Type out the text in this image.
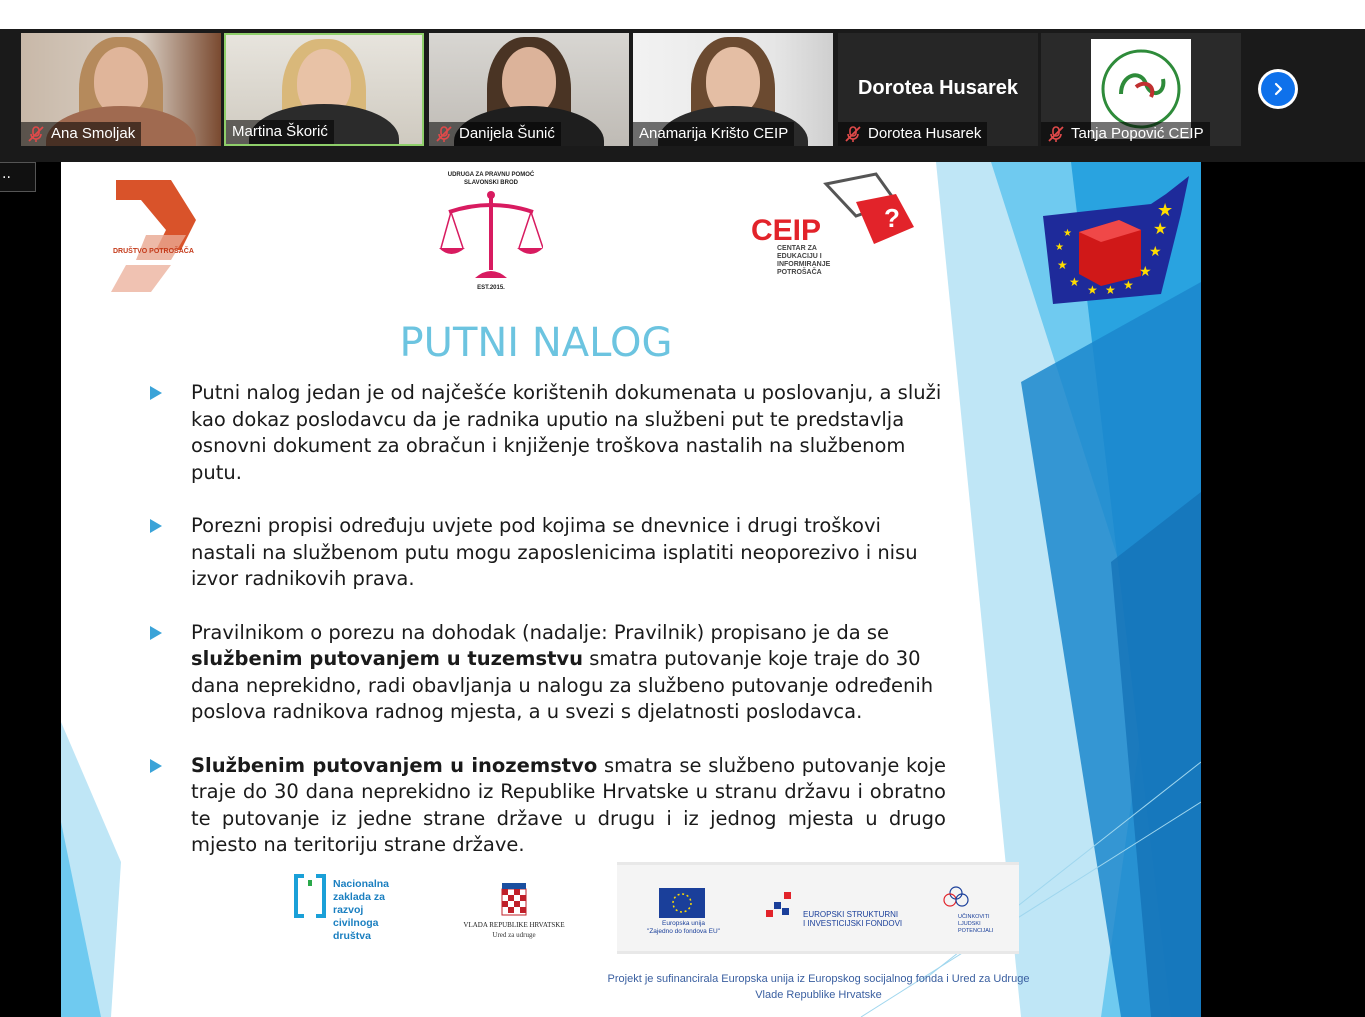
Ana Smoljak	Martina Škorić	Danijela Šunić	Anamarija Krišto CEIP
Dorotea Husarek
Dorotea Husarek	Tanja Popović CEIP
..
DRUŠTVO POTROŠAČA
UDRUGA ZA PRAVNU POMOĆ
SLAVONSKI BROD
EST.2015.
?
CEIP
CENTAR ZA
EDUKACIJU I
INFORMIRANJE
POTROŠAČA
★
★
★ ★ ★
★
★
★
★
★
★
PUTNI NALOG
Putni nalog jedan je od najčešće korištenih dokumenata u poslovanju, a služi kao dokaz poslodavcu da je radnika uputio na službeni put te predstavlja osnovni dokument za obračun i knjiženje troškova nastalih na službenom putu.
Porezni propisi određuju uvjete pod kojima se dnevnice i drugi troškovi nastali na službenom putu mogu zaposlenicima isplatiti neoporezivo i nisu izvor radnikovih prava.
Pravilnikom o porezu na dohodak (nadalje: Pravilnik) propisano je da se službenim putovanjem u tuzemstvu smatra putovanje koje traje do 30 dana neprekidno, radi obavljanja u nalogu za službeno putovanje određenih poslova radnikova radnog mjesta, a u svezi s djelatnosti poslodavca.
Službenim putovanjem u inozemstvo smatra se službeno putovanje koje traje do 30 dana neprekidno iz Republike Hrvatske u stranu državu i obratno te putovanje iz jedne strane države u drugu i iz jednog mjesta u drugo mjesto na teritoriju strane države.
Nacionalna
zaklada za
razvoj
civilnoga
društva
VLADA REPUBLIKE HRVATSKE
Ured za udruge
Europska unija
"Zajedno do fondova EU"
EUROPSKI STRUKTURNI
I INVESTICIJSKI FONDOVI
UČINKOVITI
LJUDSKI
POTENCIJALI
Projekt je sufinancirala Europska unija iz Europskog socijalnog fonda i Ured za Udruge Vlade Republike Hrvatske
